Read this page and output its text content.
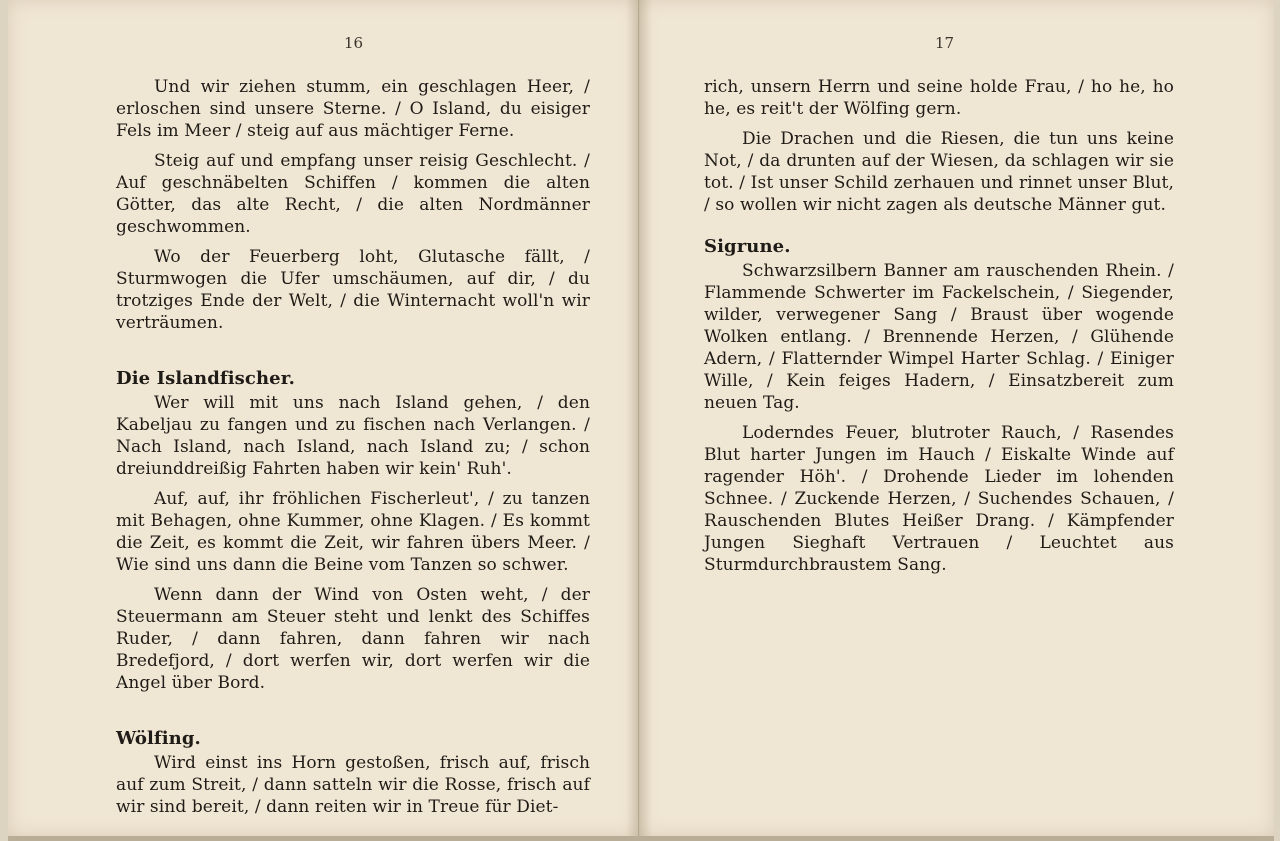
16

Und wir ziehen stumm, ein geschlagen Heer, / erloschen sind unsere Sterne. / O Island, du eisiger Fels im Meer / steig auf aus mächtiger Ferne.

Steig auf und empfang unser reisig Geschlecht. / Auf geschnäbelten Schiffen / kommen die alten Götter, das alte Recht, / die alten Nordmänner geschwommen.

Wo der Feuerberg loht, Glutasche fällt, / Sturmwogen die Ufer umschäumen, auf dir, / du trotziges Ende der Welt, / die Winternacht woll'n wir verträumen.

Die Islandfischer.

Wer will mit uns nach Island gehen, / den Kabeljau zu fangen und zu fischen nach Verlangen. / Nach Island, nach Island, nach Island zu; / schon dreiunddreißig Fahrten haben wir kein' Ruh'.

Auf, auf, ihr fröhlichen Fischerleut', / zu tanzen mit Behagen, ohne Kummer, ohne Klagen. / Es kommt die Zeit, es kommt die Zeit, wir fahren übers Meer. / Wie sind uns dann die Beine vom Tanzen so schwer.

Wenn dann der Wind von Osten weht, / der Steuermann am Steuer steht und lenkt des Schiffes Ruder, / dann fahren, dann fahren wir nach Bredefjord, / dort werfen wir, dort werfen wir die Angel über Bord.

Wölfing.

Wird einst ins Horn gestoßen, frisch auf, frisch auf zum Streit, / dann satteln wir die Rosse, frisch auf wir sind bereit, / dann reiten wir in Treue für Diet-

17

rich, unsern Herrn und seine holde Frau, / ho he, ho he, es reit't der Wölfing gern.

Die Drachen und die Riesen, die tun uns keine Not, / da drunten auf der Wiesen, da schlagen wir sie tot. / Ist unser Schild zerhauen und rinnet unser Blut, / so wollen wir nicht zagen als deutsche Männer gut.

Sigrune.

Schwarzsilbern Banner am rauschenden Rhein. / Flammende Schwerter im Fackelschein, / Siegender, wilder, verwegener Sang / Braust über wogende Wolken entlang. / Brennende Herzen, / Glühende Adern, / Flatternder Wimpel Harter Schlag. / Einiger Wille, / Kein feiges Hadern, / Einsatzbereit zum neuen Tag.

Loderndes Feuer, blutroter Rauch, / Rasendes Blut harter Jungen im Hauch / Eiskalte Winde auf ragender Höh'. / Drohende Lieder im lohenden Schnee. / Zuckende Herzen, / Suchendes Schauen, / Rauschenden Blutes Heißer Drang. / Kämpfender Jungen Sieghaft Vertrauen / Leuchtet aus Sturmdurchbraustem Sang.
